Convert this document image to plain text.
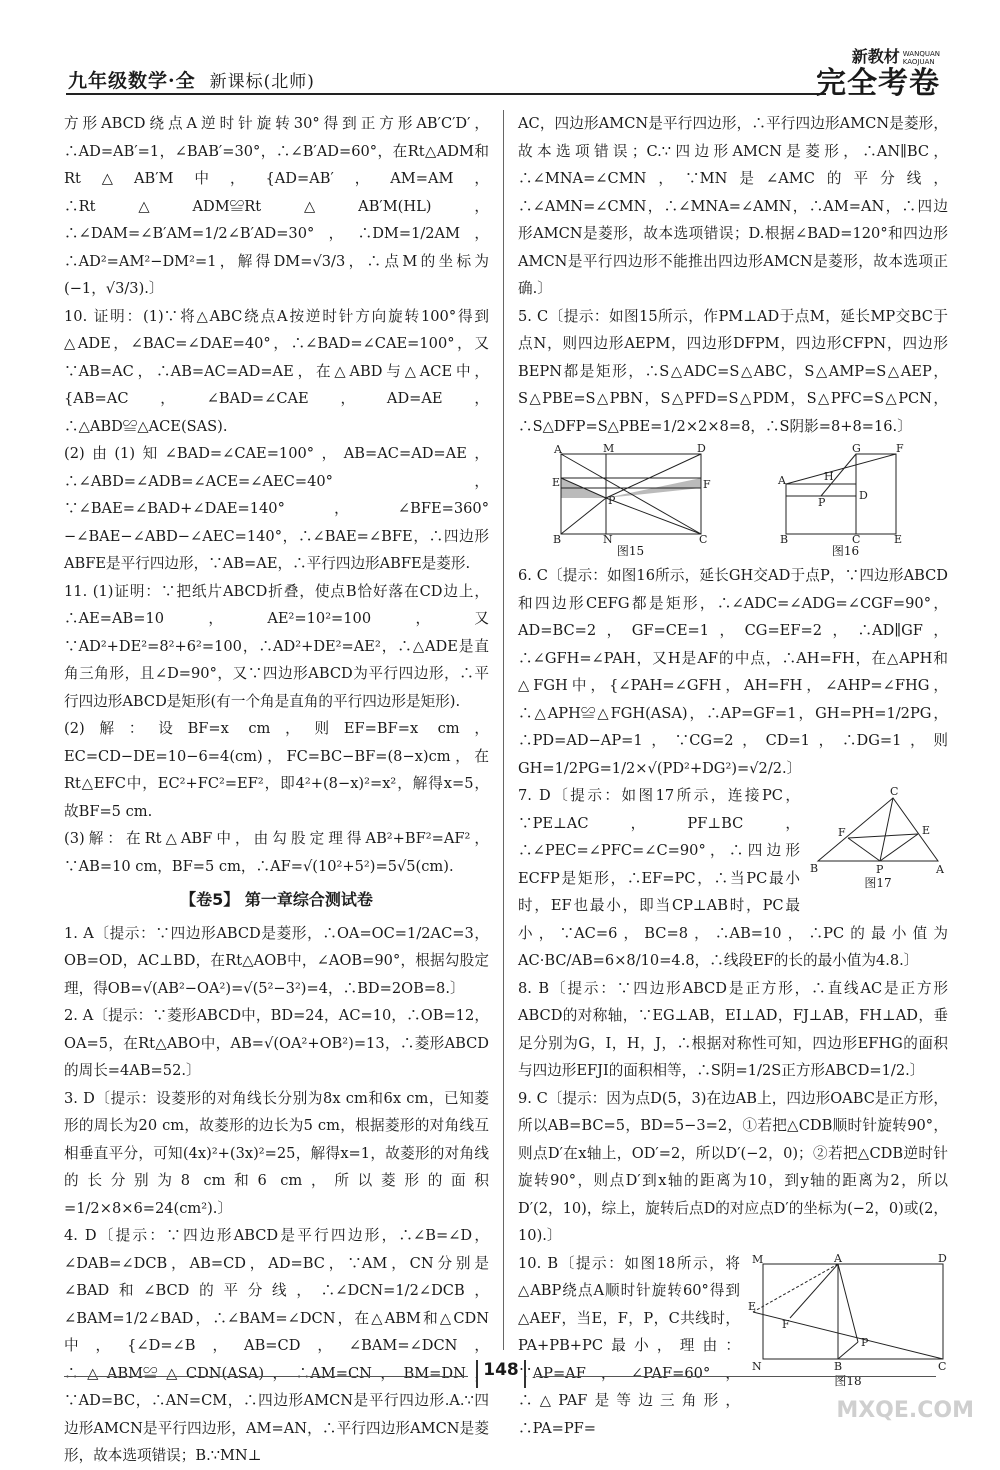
九年级数学·全 新课标(北师)
新教材 WANQUAN
KAOJUAN
完全考卷

方形ABCD绕点A逆时针旋转30°得到正方形AB′C′D′，∴AD=AB′=1，∠BAB′=30°，∴∠B′AD=60°，在Rt△ADM和Rt△AB′M中，{AD=AB′，AM=AM，∴Rt△ADM≌Rt△AB′M(HL)，∴∠DAM=∠B′AM=1/2∠B′AD=30°，∴DM=1/2AM，∴AD²=AM²−DM²=1，解得DM=√3/3，∴点M的坐标为(−1，√3/3).〕

10. 证明：(1)∵将△ABC绕点A按逆时针方向旋转100°得到△ADE，∠BAC=∠DAE=40°，∴∠BAD=∠CAE=100°，又∵AB=AC，∴AB=AC=AD=AE，在△ABD与△ACE中，{AB=AC，∠BAD=∠CAE，AD=AE，∴△ABD≌△ACE(SAS).

(2)由(1)知∠BAD=∠CAE=100°，AB=AC=AD=AE，∴∠ABD=∠ADB=∠ACE=∠AEC=40°，∵∠BAE=∠BAD+∠DAE=140°，∠BFE=360°−∠BAE−∠ABD−∠AEC=140°，∴∠BAE=∠BFE，∴四边形ABFE是平行四边形，∵AB=AE，∴平行四边形ABFE是菱形.

11. (1)证明：∵把纸片ABCD折叠，使点B恰好落在CD边上，∴AE=AB=10，AE²=10²=100，又∵AD²+DE²=8²+6²=100，∴AD²+DE²=AE²，∴△ADE是直角三角形，且∠D=90°，又∵四边形ABCD为平行四边形，∴平行四边形ABCD是矩形(有一个角是直角的平行四边形是矩形).

(2)解：设BF=x cm，则EF=BF=x cm，EC=CD−DE=10−6=4(cm)，FC=BC−BF=(8−x)cm，在Rt△EFC中，EC²+FC²=EF²，即4²+(8−x)²=x²，解得x=5，故BF=5 cm.

(3)解：在Rt△ABF中，由勾股定理得AB²+BF²=AF²，∵AB=10 cm，BF=5 cm，∴AF=√(10²+5²)=5√5(cm).

【卷5】 第一章综合测试卷

1. A〔提示：∵四边形ABCD是菱形，∴OA=OC=1/2AC=3，OB=OD，AC⊥BD，在Rt△AOB中，∠AOB=90°，根据勾股定理，得OB=√(AB²−OA²)=√(5²−3²)=4，∴BD=2OB=8.〕

2. A〔提示：∵菱形ABCD中，BD=24，AC=10，∴OB=12，OA=5，在Rt△ABO中，AB=√(OA²+OB²)=13，∴菱形ABCD的周长=4AB=52.〕

3. D〔提示：设菱形的对角线长分别为8x cm和6x cm，已知菱形的周长为20 cm，故菱形的边长为5 cm，根据菱形的对角线互相垂直平分，可知(4x)²+(3x)²=25，解得x=1，故菱形的对角线的长分别为8 cm和6 cm，所以菱形的面积=1/2×8×6=24(cm²).〕

4. D〔提示：∵四边形ABCD是平行四边形，∴∠B=∠D，∠DAB=∠DCB，AB=CD，AD=BC，∵AM，CN分别是∠BAD和∠BCD的平分线，∴∠DCN=1/2∠DCB，∠BAM=1/2∠BAD，∴∠BAM=∠DCN，在△ABM和△CDN中，{∠D=∠B，AB=CD，∠BAM=∠DCN，∴△ABM≌△CDN(ASA)，∴AM=CN，BM=DN，∵AD=BC，∴AN=CM，∴四边形AMCN是平行四边形.A.∵四边形AMCN是平行四边形，AM=AN，∴平行四边形AMCN是菱形，故本选项错误；B.∵MN⊥

AC，四边形AMCN是平行四边形，∴平行四边形AMCN是菱形，故本选项错误；C.∵四边形AMCN是菱形，∴AN∥BC，∴∠MNA=∠CMN，∵MN是∠AMC的平分线，∴∠AMN=∠CMN，∴∠MNA=∠AMN，∴AM=AN，∴四边形AMCN是菱形，故本选项错误；D.根据∠BAD=120°和四边形AMCN是平行四边形不能推出四边形AMCN是菱形，故本选项正确.〕

5. C〔提示：如图15所示，作PM⊥AD于点M，延长MP交BC于点N，则四边形AEPM，四边形DFPM，四边形CFPN，四边形BEPN都是矩形，∴S△ADC=S△ABC，S△AMP=S△AEP，S△PBE=S△PBN，S△PFD=S△PDM，S△PFC=S△PCN，∴S△DFP=S△PBE=1/2×2×8=8，∴S阴影=8+8=16.〕

A	M	D
E	F
P
B	N	C
图15
A	H
P
D
G	F
B	C	E
图16

6. C〔提示：如图16所示，延长GH交AD于点P，∵四边形ABCD和四边形CEFG都是矩形，∴∠ADC=∠ADG=∠CGF=90°，AD=BC=2，GF=CE=1，CG=EF=2，∴AD∥GF，∴∠GFH=∠PAH，又H是AF的中点，∴AH=FH，在△APH和△FGH中，{∠PAH=∠GFH，AH=FH，∠AHP=∠FHG，∴△APH≌△FGH(ASA)，∴AP=GF=1，GH=PH=1/2PG，∴PD=AD−AP=1，∵CG=2，CD=1，∴DG=1，则GH=1/2PG=1/2×√(PD²+DG²)=√2/2.〕

C
F	E
B	P	A
图17

7. D〔提示：如图17所示，连接PC，∵PE⊥AC，PF⊥BC，∴∠PEC=∠PFC=∠C=90°，∴四边形ECFP是矩形，∴EF=PC，∴当PC最小时，EF也最小，即当CP⊥AB时，PC最小，∵AC=6，BC=8，∴AB=10，∴PC的最小值为AC·BC/AB=6×8/10=4.8，∴线段EF的长的最小值为4.8.〕

8. B〔提示：∵四边形ABCD是正方形，∴直线AC是正方形ABCD的对称轴，∵EG⊥AB，EI⊥AD，FJ⊥AB，FH⊥AD，垂足分别为G，I，H，J，∴根据对称性可知，四边形EFHG的面积与四边形EFJI的面积相等，∴S阴=1/2S正方形ABCD=1/2.〕

9. C〔提示：因为点D(5，3)在边AB上，四边形OABC是正方形，所以AB=BC=5，BD=5−3=2，①若把△CDB顺时针旋转90°，则点D′在x轴上，OD′=2，所以D′(−2，0)；②若把△CDB逆时针旋转90°，则点D′到x轴的距离为10，到y轴的距离为2，所以D′(2，10)，综上，旋转后点D的对应点D′的坐标为(−2，0)或(2，10).〕

M	A	D
E
F
P
N	B	C
图18

10. B〔提示：如图18所示，将△ABP绕点A顺时针旋转60°得到△AEF，当E，F，P，C共线时，PA+PB+PC最小，理由：∵AP=AF，∠PAF=60°，∴△PAF是等边三角形，∴PA=PF=

148
MXQE.COM
